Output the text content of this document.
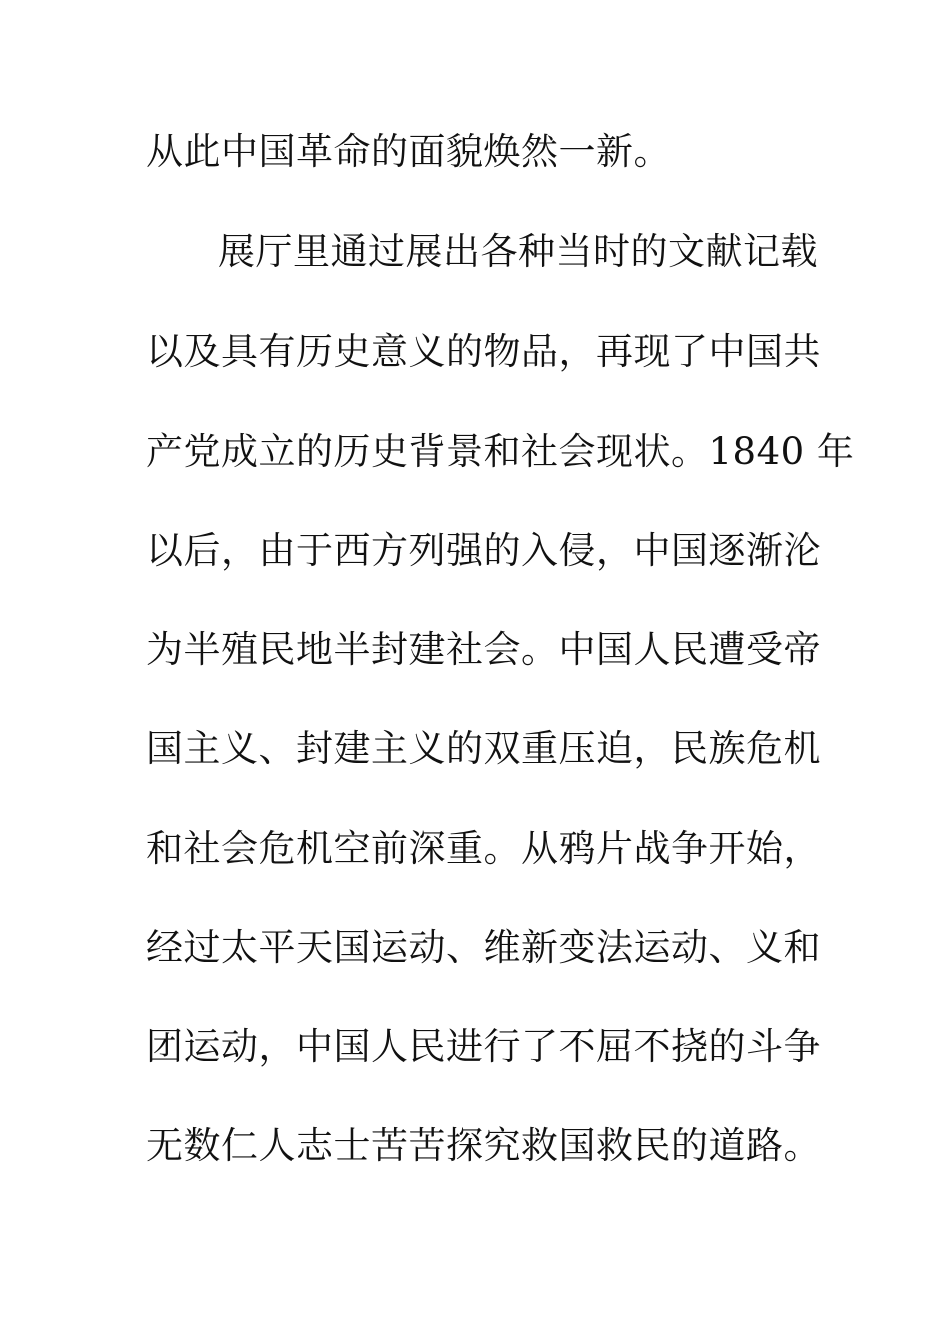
从此中国革命的面貌焕然一新。
展厅里通过展出各种当时的文献记载
以及具有历史意义的物品，再现了中国共
产党成立的历史背景和社会现状。1840 年
以后，由于西方列强的入侵，中国逐渐沦
为半殖民地半封建社会。中国人民遭受帝
国主义、封建主义的双重压迫，民族危机
和社会危机空前深重。从鸦片战争开始，
经过太平天国运动、维新变法运动、义和
团运动，中国人民进行了不屈不挠的斗争
无数仁人志士苦苦探究救国救民的道路。
